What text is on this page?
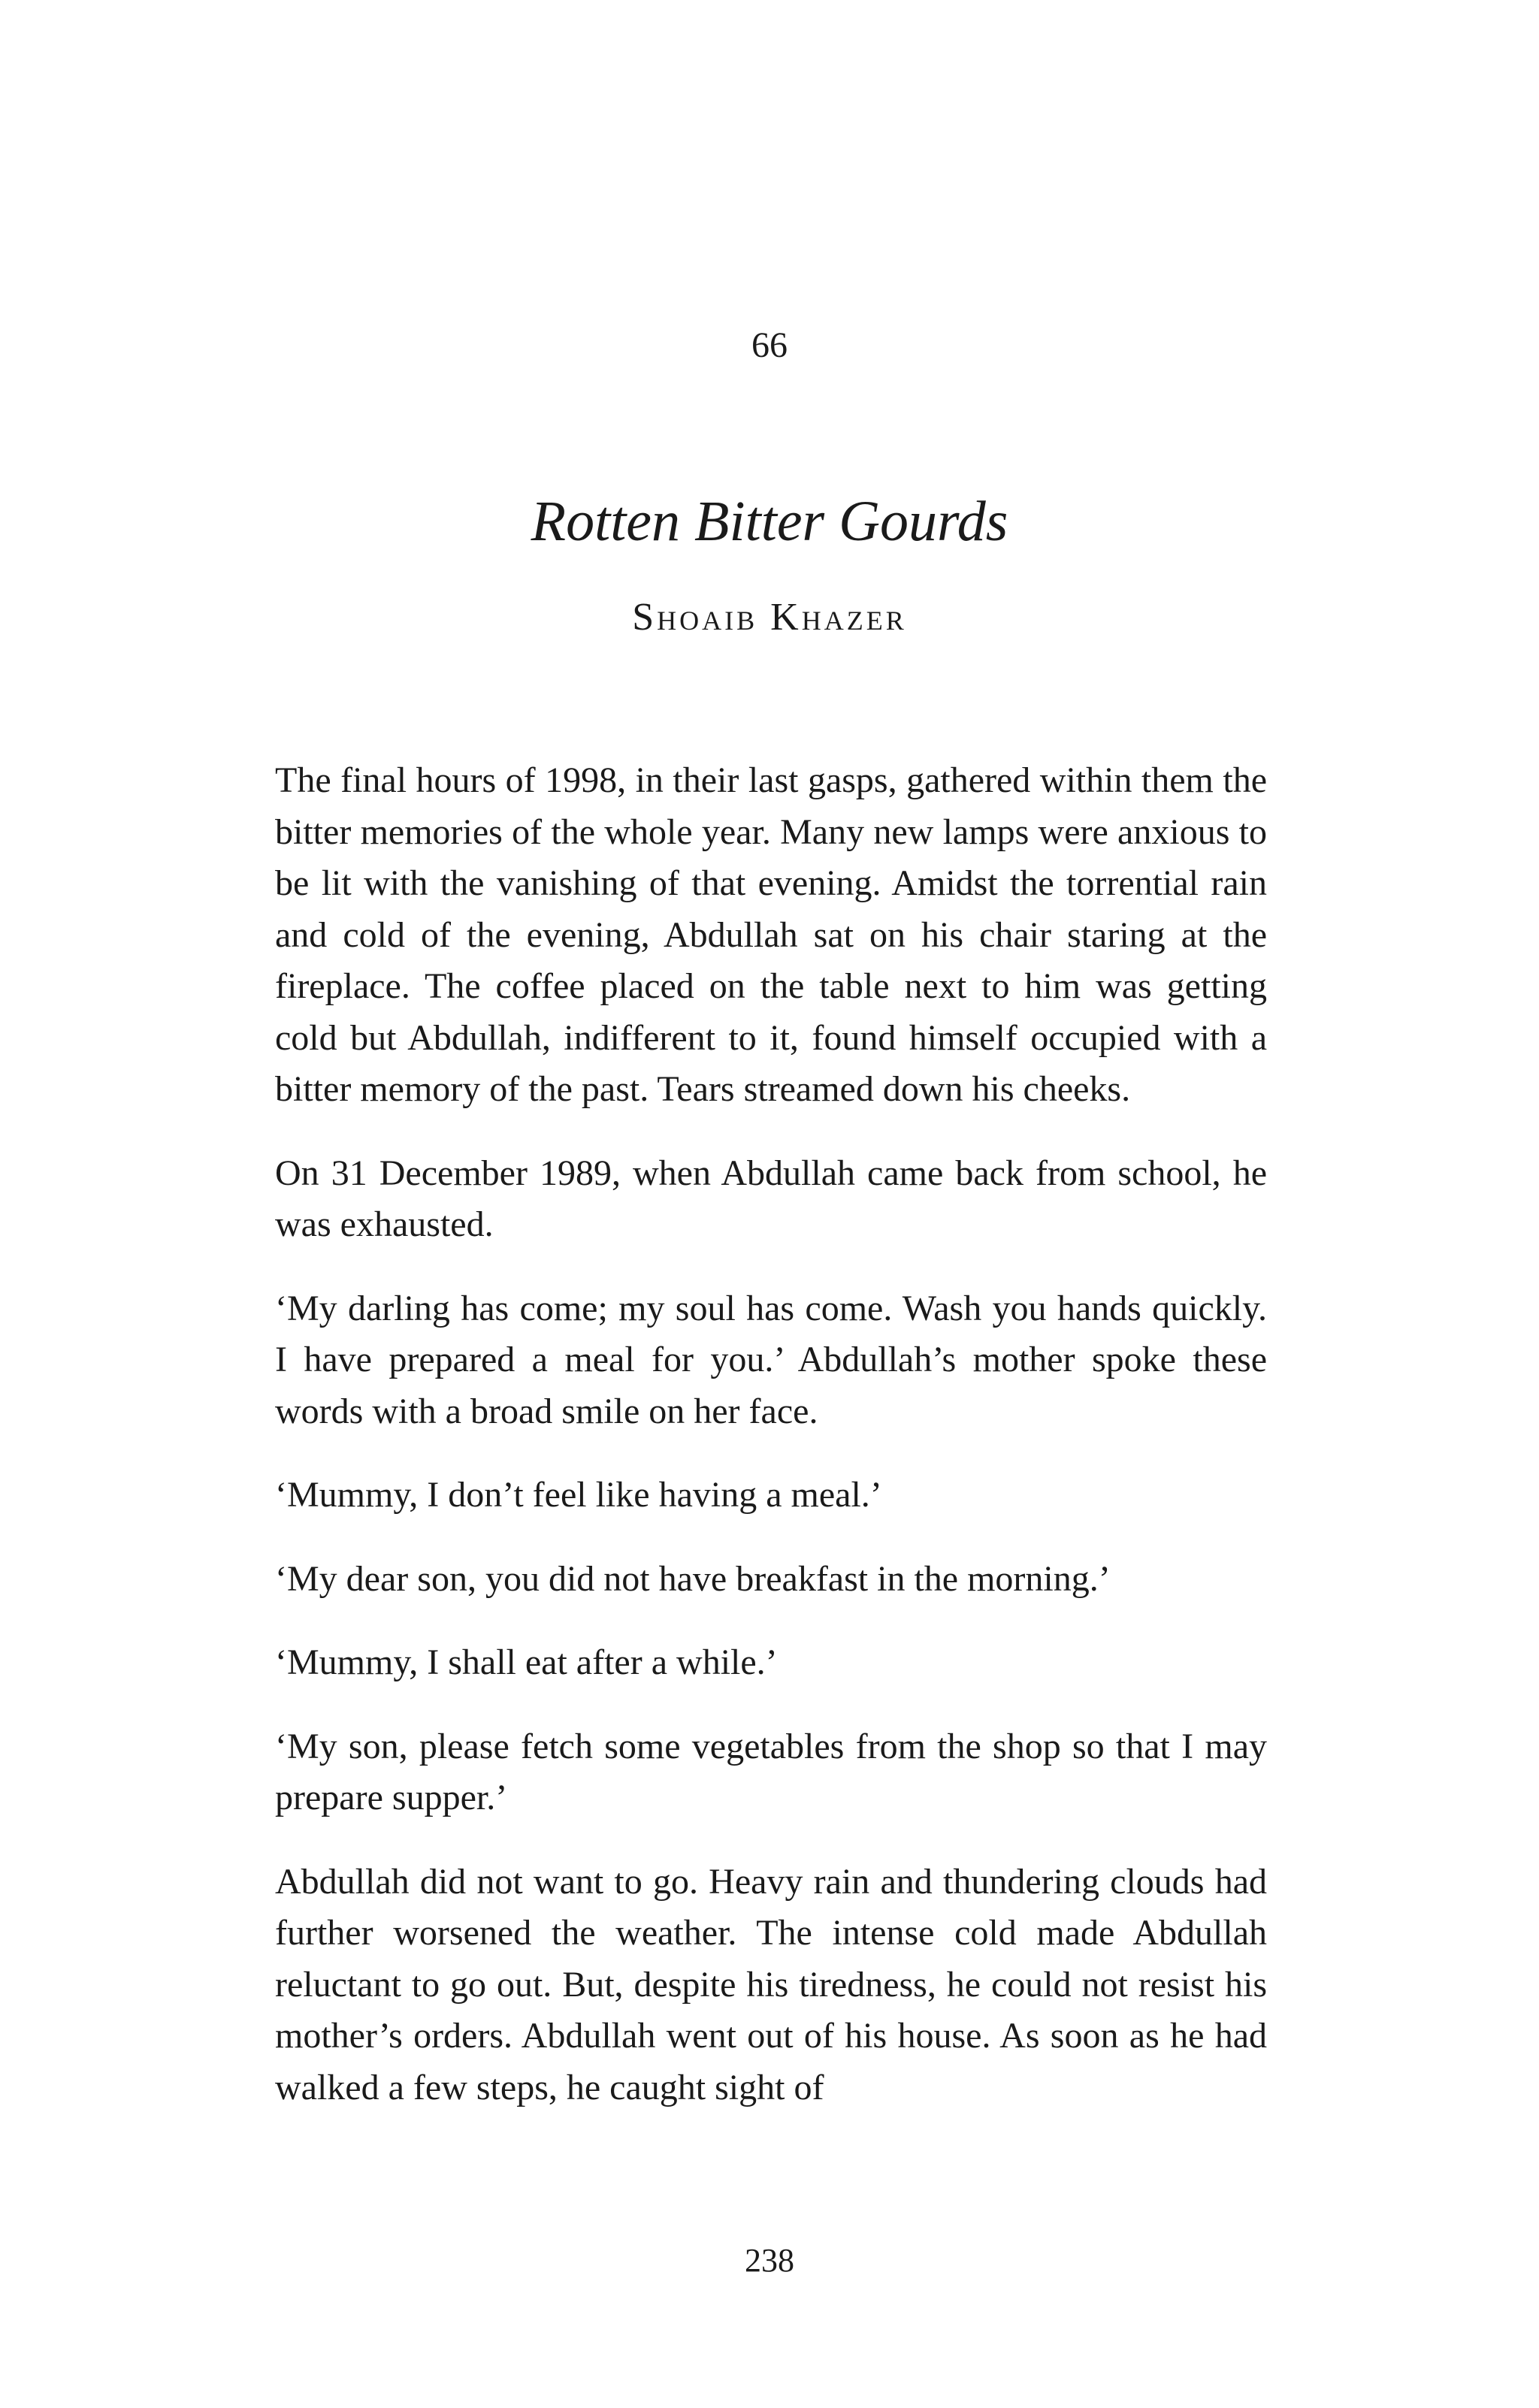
66
Rotten Bitter Gourds
Shoaib Khazer

The final hours of 1998, in their last gasps, gathered within them the bitter memories of the whole year. Many new lamps were anxious to be lit with the vanishing of that evening. Amidst the torrential rain and cold of the evening, Abdullah sat on his chair staring at the fireplace. The coffee placed on the table next to him was getting cold but Abdullah, indifferent to it, found himself occupied with a bitter memory of the past. Tears streamed down his cheeks.

On 31 December 1989, when Abdullah came back from school, he was exhausted.

‘My darling has come; my soul has come. Wash you hands quickly. I have prepared a meal for you.’ Abdullah’s mother spoke these words with a broad smile on her face.

‘Mummy, I don’t feel like having a meal.’

‘My dear son, you did not have breakfast in the morning.’

‘Mummy, I shall eat after a while.’

‘My son, please fetch some vegetables from the shop so that I may prepare supper.’

Abdullah did not want to go. Heavy rain and thundering clouds had further worsened the weather. The intense cold made Abdullah reluctant to go out. But, despite his tiredness, he could not resist his mother’s orders. Abdullah went out of his house. As soon as he had walked a few steps, he caught sight of

238
